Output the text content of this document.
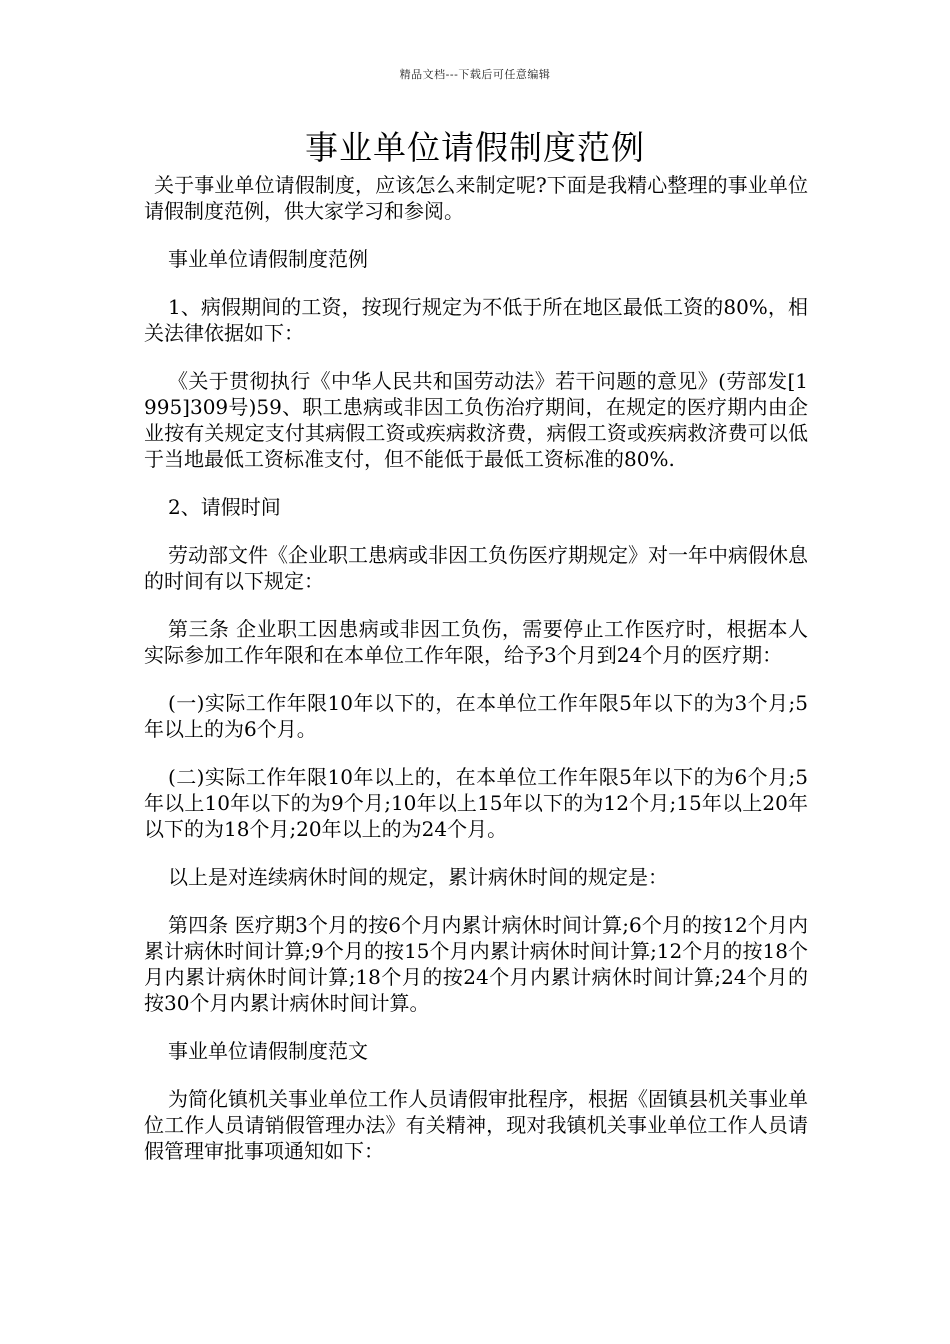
精品文档---下载后可任意编辑
事业单位请假制度范例

关于事业单位请假制度，应该怎么来制定呢?下面是我精心整理的事业单位请假制度范例，供大家学习和参阅。

事业单位请假制度范例

1、病假期间的工资，按现行规定为不低于所在地区最低工资的80%，相关法律依据如下：

《关于贯彻执行《中华人民共和国劳动法》若干问题的意见》(劳部发[1995]309号)59、职工患病或非因工负伤治疗期间，在规定的医疗期内由企业按有关规定支付其病假工资或疾病救济费，病假工资或疾病救济费可以低于当地最低工资标准支付，但不能低于最低工资标准的80%.

2、请假时间

劳动部文件《企业职工患病或非因工负伤医疗期规定》对一年中病假休息的时间有以下规定：

第三条 企业职工因患病或非因工负伤，需要停止工作医疗时，根据本人实际参加工作年限和在本单位工作年限，给予3个月到24个月的医疗期：

(一)实际工作年限10年以下的，在本单位工作年限5年以下的为3个月;5年以上的为6个月。

(二)实际工作年限10年以上的，在本单位工作年限5年以下的为6个月;5年以上10年以下的为9个月;10年以上15年以下的为12个月;15年以上20年以下的为18个月;20年以上的为24个月。

以上是对连续病休时间的规定，累计病休时间的规定是：

第四条 医疗期3个月的按6个月内累计病休时间计算;6个月的按12个月内累计病休时间计算;9个月的按15个月内累计病休时间计算;12个月的按18个月内累计病休时间计算;18个月的按24个月内累计病休时间计算;24个月的按30个月内累计病休时间计算。

事业单位请假制度范文

为简化镇机关事业单位工作人员请假审批程序，根据《固镇县机关事业单位工作人员请销假管理办法》有关精神，现对我镇机关事业单位工作人员请假管理审批事项通知如下：
